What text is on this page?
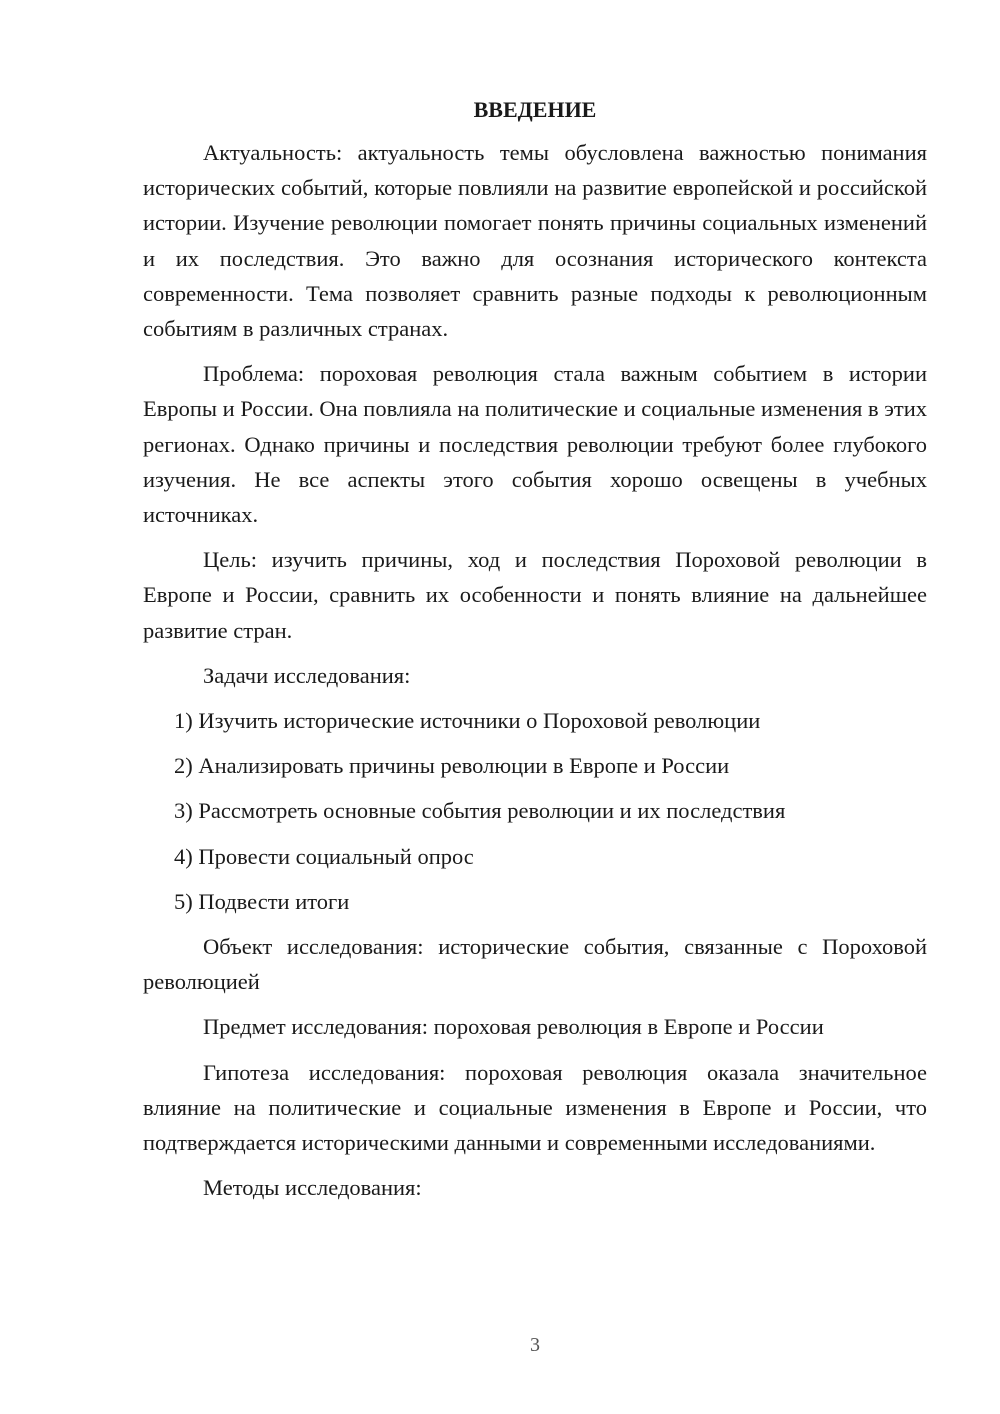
ВВЕДЕНИЕ

Актуальность: актуальность темы обусловлена важностью понимания исторических событий, которые повлияли на развитие европейской и российской истории. Изучение революции помогает понять причины социальных изменений и их последствия. Это важно для осознания исторического контекста современности. Тема позволяет сравнить разные подходы к революционным событиям в различных странах.

Проблема: пороховая революция стала важным событием в истории Европы и России. Она повлияла на политические и социальные изменения в этих регионах. Однако причины и последствия революции требуют более глубокого изучения. Не все аспекты этого события хорошо освещены в учебных источниках.

Цель: изучить причины, ход и последствия Пороховой революции в Европе и России, сравнить их особенности и понять влияние на дальнейшее развитие стран.

Задачи исследования:

1) Изучить исторические источники о Пороховой революции

2) Анализировать причины революции в Европе и России

3) Рассмотреть основные события революции и их последствия

4) Провести социальный опрос

5) Подвести итоги

Объект исследования: исторические события, связанные с Пороховой революцией

Предмет исследования: пороховая революция в Европе и России

Гипотеза исследования: пороховая революция оказала значительное влияние на политические и социальные изменения в Европе и России, что подтверждается историческими данными и современными исследованиями.

Методы исследования:

3
